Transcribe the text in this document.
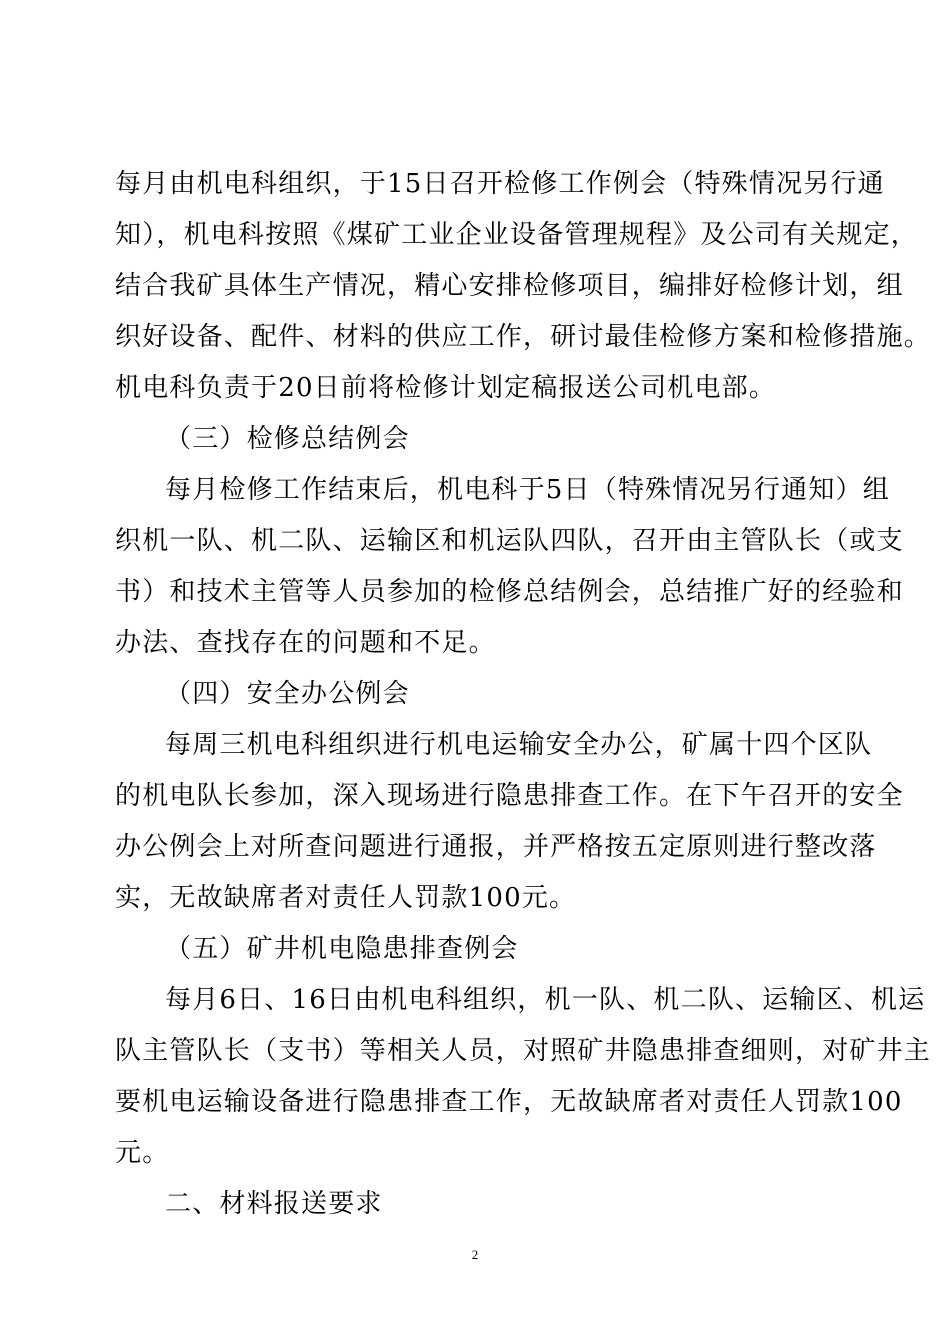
每月由机电科组织，于15日召开检修工作例会（特殊情况另行通
知），机电科按照《煤矿工业企业设备管理规程》及公司有关规定，
结合我矿具体生产情况，精心安排检修项目，编排好检修计划，组
织好设备、配件、材料的供应工作，研讨最佳检修方案和检修措施。
机电科负责于20日前将检修计划定稿报送公司机电部。
（三）检修总结例会
每月检修工作结束后，机电科于5日（特殊情况另行通知）组
织机一队、机二队、运输区和机运队四队，召开由主管队长（或支
书）和技术主管等人员参加的检修总结例会，总结推广好的经验和
办法、查找存在的问题和不足。
（四）安全办公例会
每周三机电科组织进行机电运输安全办公，矿属十四个区队
的机电队长参加，深入现场进行隐患排查工作。在下午召开的安全
办公例会上对所查问题进行通报，并严格按五定原则进行整改落
实，无故缺席者对责任人罚款100元。
（五）矿井机电隐患排查例会
每月6日、16日由机电科组织，机一队、机二队、运输区、机运
队主管队长（支书）等相关人员，对照矿井隐患排查细则，对矿井主
要机电运输设备进行隐患排查工作，无故缺席者对责任人罚款100
元。
二、材料报送要求
2
